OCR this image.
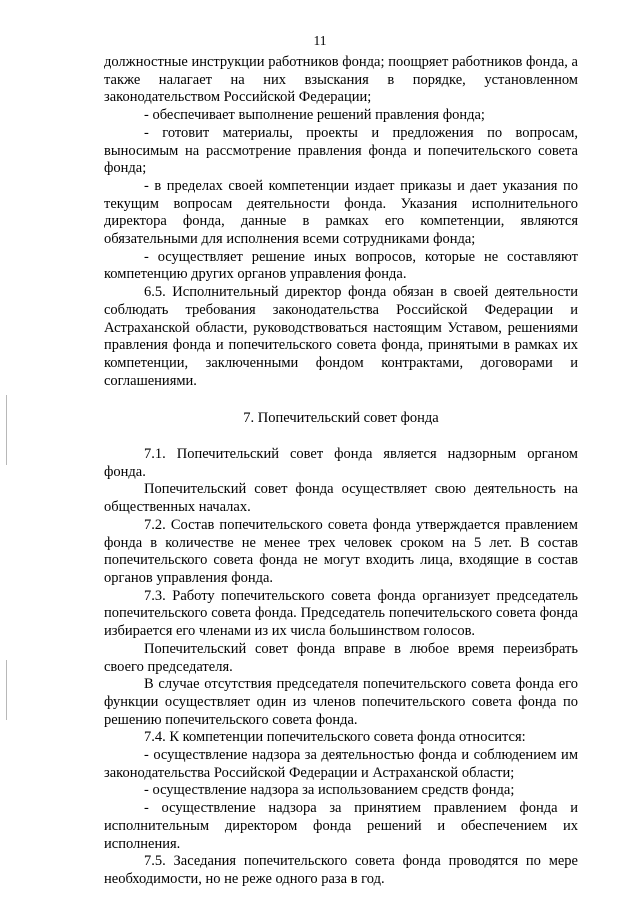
11

должностные инструкции работников фонда; поощряет работников фонда, а также налагает на них взыскания в порядке, установленном законодательством Российской Федерации;

- обеспечивает выполнение решений правления фонда;

- готовит материалы, проекты и предложения по вопросам, выносимым на рассмотрение правления фонда и попечительского совета фонда;

- в пределах своей компетенции издает приказы и дает указания по текущим вопросам деятельности фонда. Указания исполнительного директора фонда, данные в рамках его компетенции, являются обязательными для исполнения всеми сотрудниками фонда;

- осуществляет решение иных вопросов, которые не составляют компетенцию других органов управления фонда.

6.5. Исполнительный директор фонда обязан в своей деятельности соблюдать требования законодательства Российской Федерации и Астраханской области, руководствоваться настоящим Уставом, решениями правления фонда и попечительского совета фонда, принятыми в рамках их компетенции, заключенными фондом контрактами, договорами и соглашениями.

7. Попечительский совет фонда

7.1. Попечительский совет фонда является надзорным органом фонда.

Попечительский совет фонда осуществляет свою деятельность на общественных началах.

7.2. Состав попечительского совета фонда утверждается правлением фонда в количестве не менее трех человек сроком на 5 лет. В состав попечительского совета фонда не могут входить лица, входящие в состав органов управления фонда.

7.3. Работу попечительского совета фонда организует председатель попечительского совета фонда. Председатель попечительского совета фонда избирается его членами из их числа большинством голосов.

Попечительский совет фонда вправе в любое время переизбрать своего председателя.

В случае отсутствия председателя попечительского совета фонда его функции осуществляет один из членов попечительского совета фонда по решению попечительского совета фонда.

7.4. К компетенции попечительского совета фонда относится:

- осуществление надзора за деятельностью фонда и соблюдением им законодательства Российской Федерации и Астраханской области;

- осуществление надзора за использованием средств фонда;

- осуществление надзора за принятием правлением фонда и исполнительным директором фонда решений и обеспечением их исполнения.

7.5. Заседания попечительского совета фонда проводятся по мере необходимости, но не реже одного раза в год.
